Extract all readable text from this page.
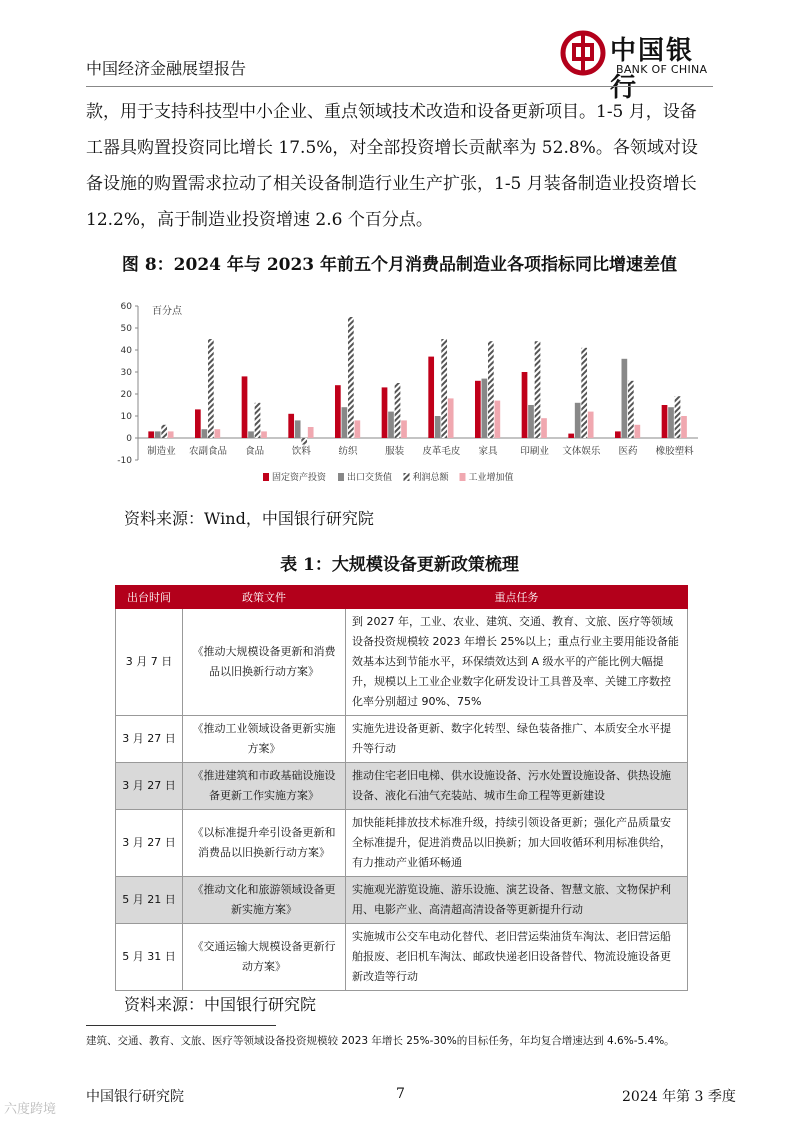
中国经济金融展望报告
中国银行
BANK OF CHINA
款，用于支持科技型中小企业、重点领域技术改造和设备更新项目。1-5 月，设备工器具购置投资同比增长 17.5%，对全部投资增长贡献率为 52.8%。各领域对设备设施的购置需求拉动了相关设备制造行业生产扩张，1-5 月装备制造业投资增长 12.2%，高于制造业投资增速 2.6 个百分点。
图 8：2024 年与 2023 年前五个月消费品制造业各项指标同比增速差值
-10
0
10
20
30
40
50
60 百分点
制造业 农副食品 食品	饮料	纺织	服装 皮革毛皮 家具 印刷业 文体娱乐 医药 橡胶塑料
固定资产投资 出口交货值 利润总额 工业增加值
资料来源：Wind，中国银行研究院
表 1：大规模设备更新政策梳理
出台时间	政策文件	重点任务
3 月 7 日	《推动大规模设备更新和消费品以旧换新行动方案》	到 2027 年，工业、农业、建筑、交通、教育、文旅、医疗等领域设备投资规模较 2023 年增长 25%以上；重点行业主要用能设备能效基本达到节能水平，环保绩效达到 A 级水平的产能比例大幅提升，规模以上工业企业数字化研发设计工具普及率、关键工序数控化率分别超过 90%、75%
3 月 27 日	《推动工业领域设备更新实施方案》	实施先进设备更新、数字化转型、绿色装备推广、本质安全水平提升等行动
3 月 27 日	《推进建筑和市政基础设施设备更新工作实施方案》	推动住宅老旧电梯、供水设施设备、污水处置设施设备、供热设施设备、液化石油气充装站、城市生命工程等更新建设
3 月 27 日	《以标准提升牵引设备更新和消费品以旧换新行动方案》	加快能耗排放技术标准升级，持续引领设备更新；强化产品质量安全标准提升，促进消费品以旧换新；加大回收循环利用标准供给，有力推动产业循环畅通
5 月 21 日	《推动文化和旅游领域设备更新实施方案》	实施观光游览设施、游乐设施、演艺设备、智慧文旅、文物保护利用、电影产业、高清超高清设备等更新提升行动
5 月 31 日	《交通运输大规模设备更新行动方案》	实施城市公交车电动化替代、老旧营运柴油货车淘汰、老旧营运船舶报废、老旧机车淘汰、邮政快递老旧设备替代、物流设施设备更新改造等行动
资料来源：中国银行研究院
建筑、交通、教育、文旅、医疗等领域设备投资规模较 2023 年增长 25%-30%的目标任务，年均复合增速达到 4.6%-5.4%。
中国银行研究院	7	2024 年第 3 季度
六度跨境
